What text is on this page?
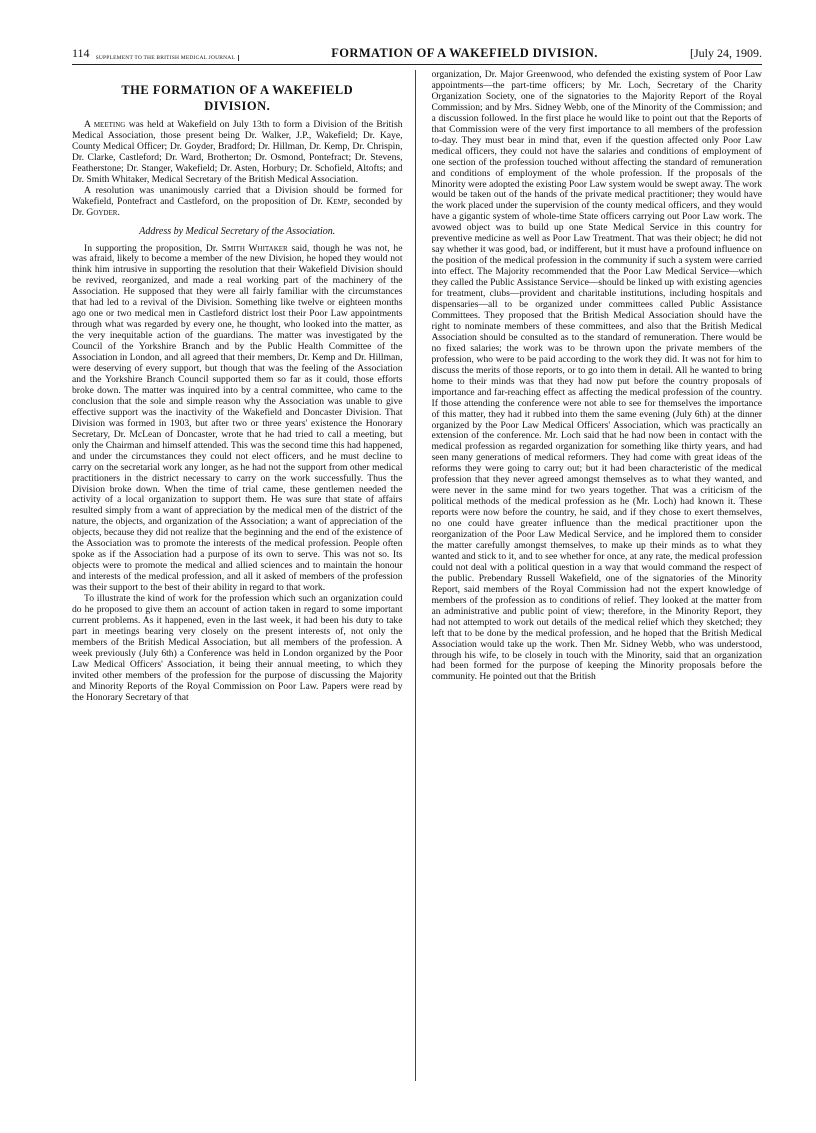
114 SUPPLEMENT TO THE BRITISH MEDICAL JOURNAL	FORMATION OF A WAKEFIELD DIVISION.	[July 24, 1909.
THE FORMATION OF A WAKEFIELD DIVISION.

A meeting was held at Wakefield on July 13th to form a Division of the British Medical Association, those present being Dr. Walker, J.P., Wakefield; Dr. Kaye, County Medical Officer; Dr. Goyder, Bradford; Dr. Hillman, Dr. Kemp, Dr. Chrispin, Dr. Clarke, Castleford; Dr. Ward, Brotherton; Dr. Osmond, Pontefract; Dr. Stevens, Featherstone; Dr. Stanger, Wakefield; Dr. Asten, Horbury; Dr. Schofield, Altofts; and Dr. Smith Whitaker, Medical Secretary of the British Medical Association.

A resolution was unanimously carried that a Division should be formed for Wakefield, Pontefract and Castleford, on the proposition of Dr. Kemp, seconded by Dr. Goyder.

Address by Medical Secretary of the Association.

In supporting the proposition, Dr. Smith Whitaker said, though he was not, he was afraid, likely to become a member of the new Division, he hoped they would not think him intrusive in supporting the resolution that their Wakefield Division should be revived, reorganized, and made a real working part of the machinery of the Association. He supposed that they were all fairly familiar with the circumstances that had led to a revival of the Division. Something like twelve or eighteen months ago one or two medical men in Castleford district lost their Poor Law appointments through what was regarded by every one, he thought, who looked into the matter, as the very inequitable action of the guardians. The matter was investigated by the Council of the Yorkshire Branch and by the Public Health Committee of the Association in London, and all agreed that their members, Dr. Kemp and Dr. Hillman, were deserving of every support, but though that was the feeling of the Association and the Yorkshire Branch Council supported them so far as it could, those efforts broke down. The matter was inquired into by a central committee, who came to the conclusion that the sole and simple reason why the Association was unable to give effective support was the inactivity of the Wakefield and Doncaster Division. That Division was formed in 1903, but after two or three years' existence the Honorary Secretary, Dr. McLean of Doncaster, wrote that he had tried to call a meeting, but only the Chairman and himself attended. This was the second time this had happened, and under the circumstances they could not elect officers, and he must decline to carry on the secretarial work any longer, as he had not the support from other medical practitioners in the district necessary to carry on the work successfully. Thus the Division broke down. When the time of trial came, these gentlemen needed the activity of a local organization to support them. He was sure that state of affairs resulted simply from a want of appreciation by the medical men of the district of the nature, the objects, and organization of the Association; a want of appreciation of the objects, because they did not realize that the beginning and the end of the existence of the Association was to promote the interests of the medical profession. People often spoke as if the Association had a purpose of its own to serve. This was not so. Its objects were to promote the medical and allied sciences and to maintain the honour and interests of the medical profession, and all it asked of members of the profession was their support to the best of their ability in regard to that work.

To illustrate the kind of work for the profession which such an organization could do he proposed to give them an account of action taken in regard to some important current problems. As it happened, even in the last week, it had been his duty to take part in meetings bearing very closely on the present interests of, not only the members of the British Medical Association, but all members of the profession. A week previously (July 6th) a Conference was held in London organized by the Poor Law Medical Officers' Association, it being their annual meeting, to which they invited other members of the profession for the purpose of discussing the Majority and Minority Reports of the Royal Commission on Poor Law. Papers were read by the Honorary Secretary of that

organization, Dr. Major Greenwood, who defended the existing system of Poor Law appointments—the part-time officers; by Mr. Loch, Secretary of the Charity Organization Society, one of the signatories to the Majority Report of the Royal Commission; and by Mrs. Sidney Webb, one of the Minority of the Commission; and a discussion followed. In the first place he would like to point out that the Reports of that Commission were of the very first importance to all members of the profession to-day. They must bear in mind that, even if the question affected only Poor Law medical officers, they could not have the salaries and conditions of employment of one section of the profession touched without affecting the standard of remuneration and conditions of employment of the whole profession. If the proposals of the Minority were adopted the existing Poor Law system would be swept away. The work would be taken out of the hands of the private medical practitioner; they would have the work placed under the supervision of the county medical officers, and they would have a gigantic system of whole-time State officers carrying out Poor Law work. The avowed object was to build up one State Medical Service in this country for preventive medicine as well as Poor Law Treatment. That was their object; he did not say whether it was good, bad, or indifferent, but it must have a profound influence on the position of the medical profession in the community if such a system were carried into effect. The Majority recommended that the Poor Law Medical Service—which they called the Public Assistance Service—should be linked up with existing agencies for treatment, clubs—provident and charitable institutions, including hospitals and dispensaries—all to be organized under committees called Public Assistance Committees. They proposed that the British Medical Association should have the right to nominate members of these committees, and also that the British Medical Association should be consulted as to the standard of remuneration. There would be no fixed salaries; the work was to be thrown upon the private members of the profession, who were to be paid according to the work they did. It was not for him to discuss the merits of those reports, or to go into them in detail. All he wanted to bring home to their minds was that they had now put before the country proposals of importance and far-reaching effect as affecting the medical profession of the country. If those attending the conference were not able to see for themselves the importance of this matter, they had it rubbed into them the same evening (July 6th) at the dinner organized by the Poor Law Medical Officers' Association, which was practically an extension of the conference. Mr. Loch said that he had now been in contact with the medical profession as regarded organization for something like thirty years, and had seen many generations of medical reformers. They had come with great ideas of the reforms they were going to carry out; but it had been characteristic of the medical profession that they never agreed amongst themselves as to what they wanted, and were never in the same mind for two years together. That was a criticism of the political methods of the medical profession as he (Mr. Loch) had known it. These reports were now before the country, he said, and if they chose to exert themselves, no one could have greater influence than the medical practitioner upon the reorganization of the Poor Law Medical Service, and he implored them to consider the matter carefully amongst themselves, to make up their minds as to what they wanted and stick to it, and to see whether for once, at any rate, the medical profession could not deal with a political question in a way that would command the respect of the public. Prebendary Russell Wakefield, one of the signatories of the Minority Report, said members of the Royal Commission had not the expert knowledge of members of the profession as to conditions of relief. They looked at the matter from an administrative and public point of view; therefore, in the Minority Report, they had not attempted to work out details of the medical relief which they sketched; they left that to be done by the medical profession, and he hoped that the British Medical Association would take up the work. Then Mr. Sidney Webb, who was understood, through his wife, to be closely in touch with the Minority, said that an organization had been formed for the purpose of keeping the Minority proposals before the community. He pointed out that the British
